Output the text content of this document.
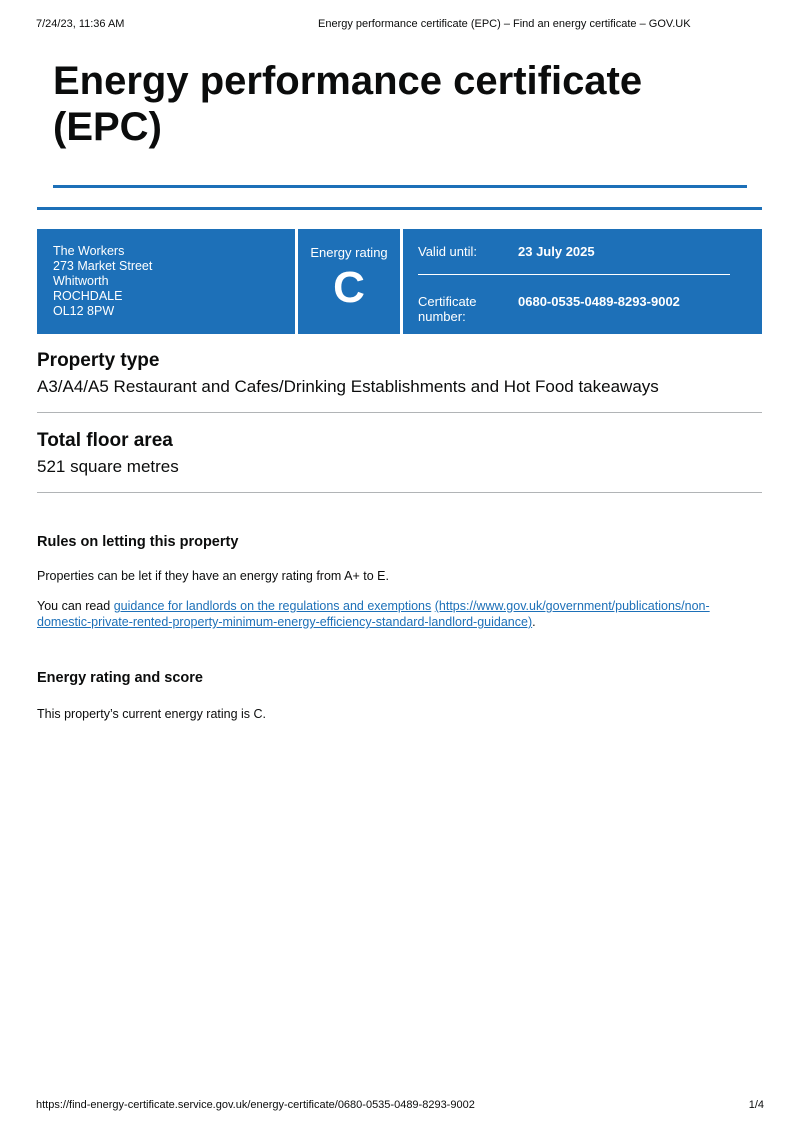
7/24/23, 11:36 AM	Energy performance certificate (EPC) – Find an energy certificate – GOV.UK
Energy performance certificate (EPC)
The Workers
273 Market Street
Whitworth
ROCHDALE
OL12 8PW
Energy rating
C
Valid until:	23 July 2025
Certificate number:
0680-0535-0489-8293-9002
Property type
A3/A4/A5 Restaurant and Cafes/Drinking Establishments and Hot Food takeaways
Total floor area
521 square metres
Rules on letting this property

Properties can be let if they have an energy rating from A+ to E.

You can read guidance for landlords on the regulations and exemptions (https://www.gov.uk/government/publications/non-domestic-private-rented-property-minimum-energy-efficiency-standard-landlord-guidance).

Energy rating and score

This property’s current energy rating is C.

https://find-energy-certificate.service.gov.uk/energy-certificate/0680-0535-0489-8293-9002	1/4
